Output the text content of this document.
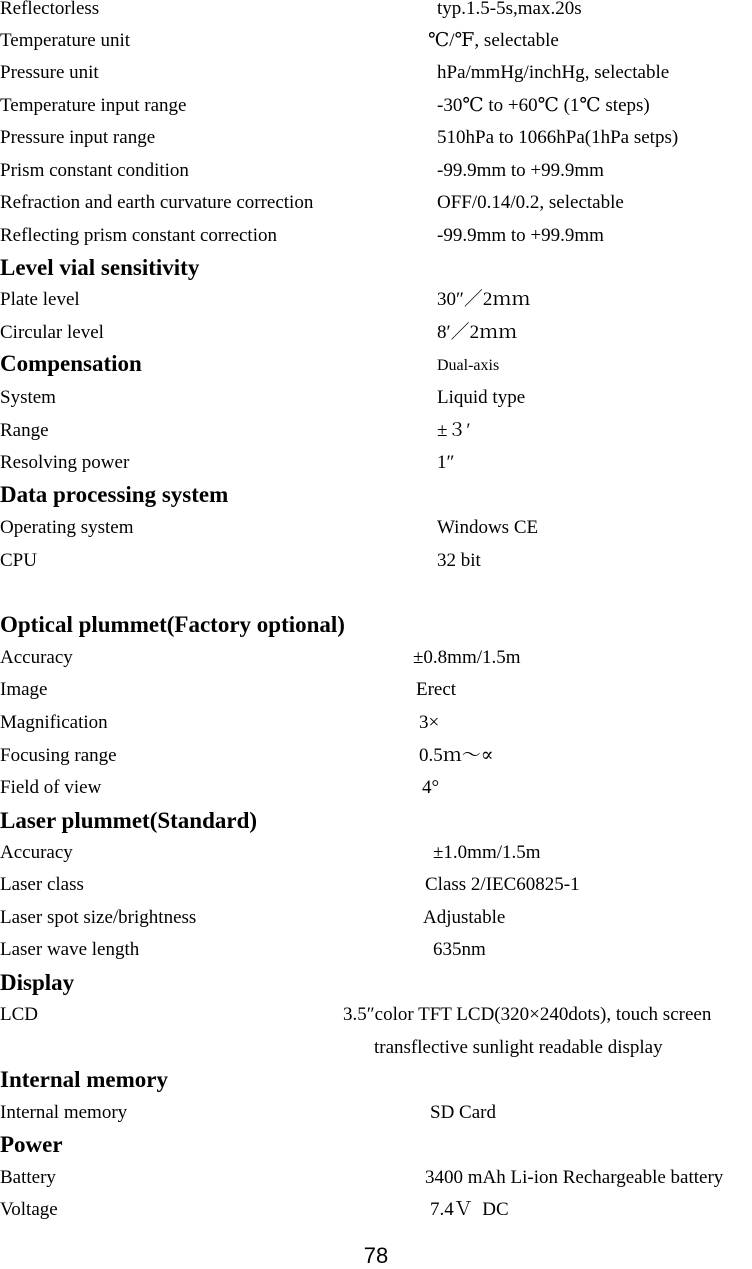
Reflectorless	typ.1.5-5s,max.20s
Temperature unit	℃/℉, selectable
Pressure unit	hPa/mmHg/inchHg, selectable
Temperature input range	-30℃ to +60℃ (1℃ steps)
Pressure input range	510hPa to 1066hPa(1hPa setps)
Prism constant condition	-99.9mm to +99.9mm
Refraction and earth curvature correction	OFF/0.14/0.2, selectable
Reflecting prism constant correction	-99.9mm to +99.9mm
Level vial sensitivity
Plate level	30″／2ｍｍ
Circular level	8′／2ｍｍ
Compensation	Dual-axis
System	Liquid type
Range	±３′
Resolving power	1″
Data processing system
Operating system	Windows CE
CPU	32 bit
Optical plummet(Factory optional)
Accuracy	±0.8mm/1.5m
Image	Erect
Magnification	3×
Focusing range	0.5ｍ～∝
Field of view	4°
Laser plummet(Standard)
Accuracy	±1.0mm/1.5m
Laser class	Class 2/IEC60825-1
Laser spot size/brightness	Adjustable
Laser wave length	635nm
Display
LCD	3.5″color TFT LCD(320×240dots), touch screen
transflective sunlight readable display
Internal memory
Internal memory	SD Card
Power
Battery	3400 mAh Li-ion Rechargeable battery
Voltage	7.4Ｖ  DC
78
